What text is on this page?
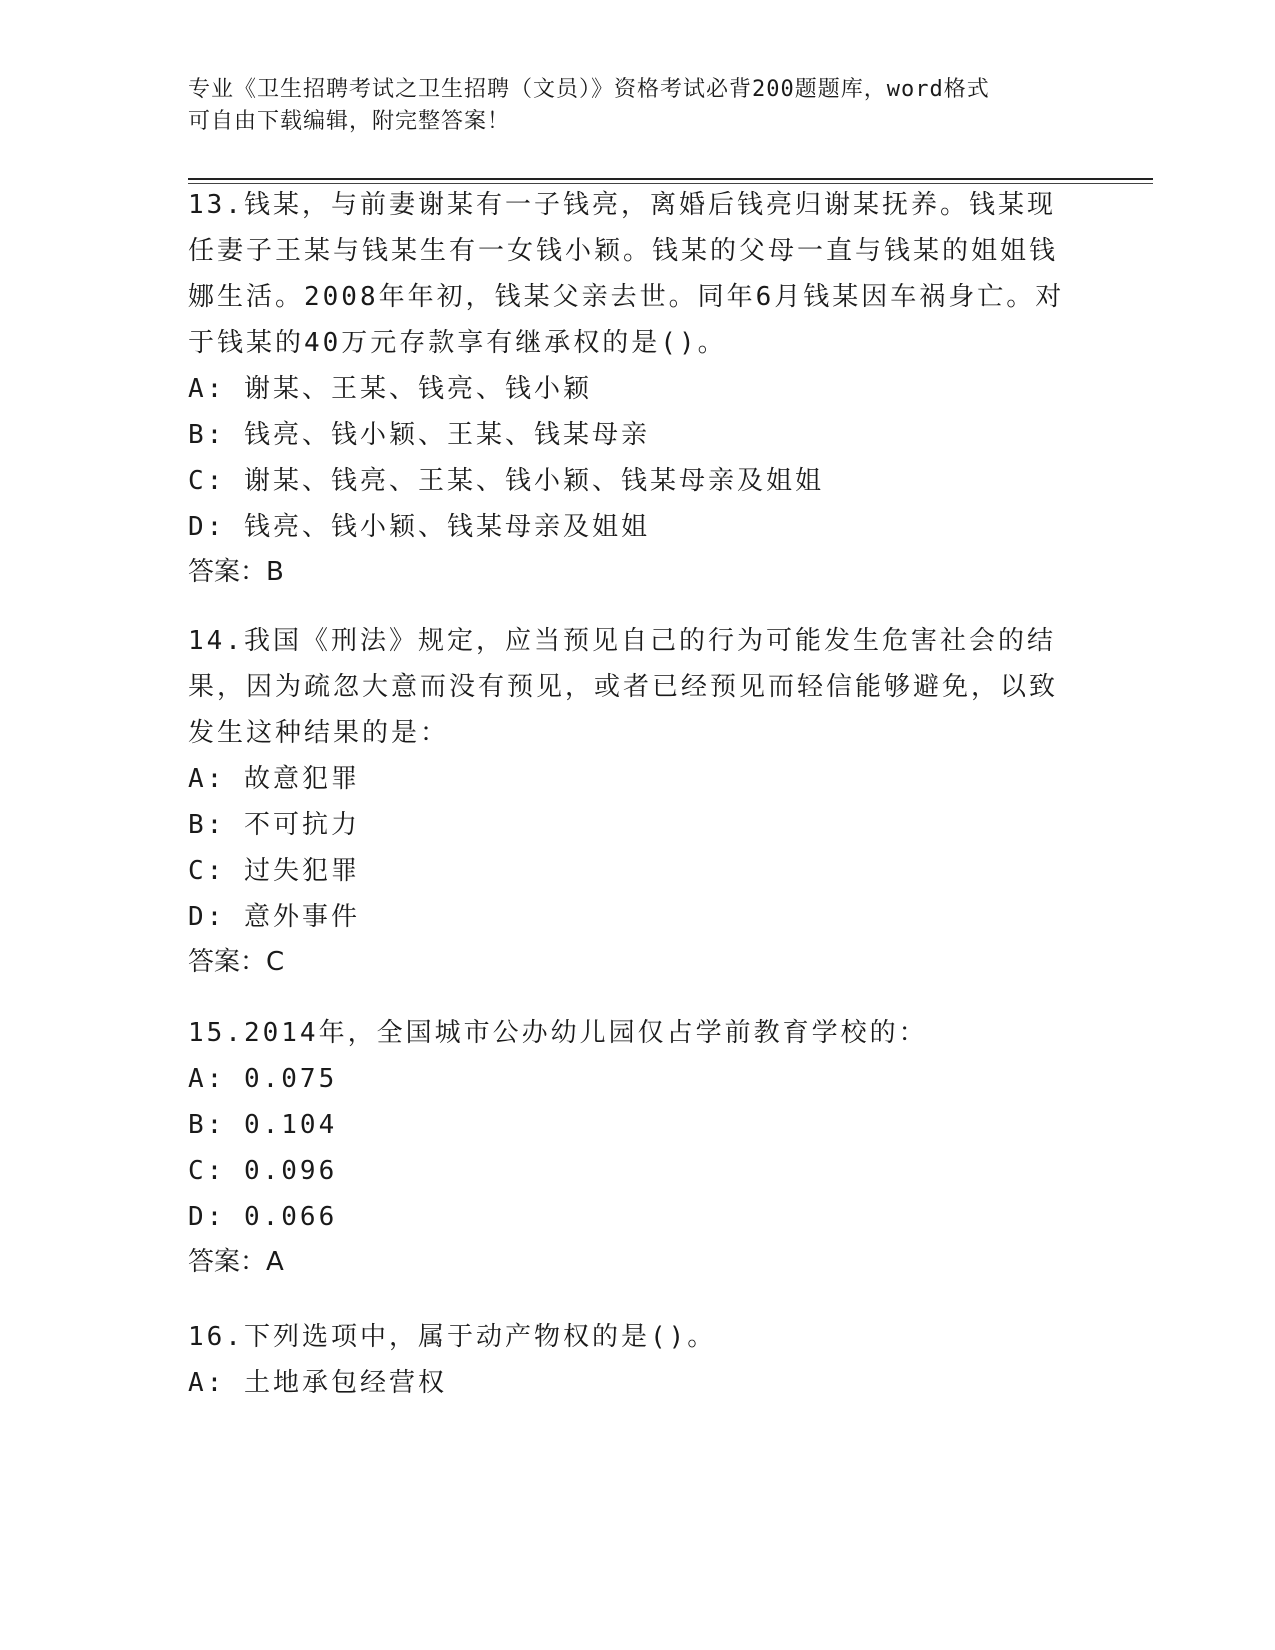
专业《卫生招聘考试之卫生招聘（文员）》资格考试必背200题题库，word格式

可自由下载编辑，附完整答案！

13.钱某，与前妻谢某有一子钱亮，离婚后钱亮归谢某抚养。钱某现任妻子王某与钱某生有一女钱小颖。钱某的父母一直与钱某的姐姐钱娜生活。2008年年初，钱某父亲去世。同年6月钱某因车祸身亡。对于钱某的40万元存款享有继承权的是()。

A: 谢某、王某、钱亮、钱小颖
B: 钱亮、钱小颖、王某、钱某母亲
C: 谢某、钱亮、王某、钱小颖、钱某母亲及姐姐
D: 钱亮、钱小颖、钱某母亲及姐姐

答案：B

14.我国《刑法》规定，应当预见自己的行为可能发生危害社会的结果，因为疏忽大意而没有预见，或者已经预见而轻信能够避免，以致发生这种结果的是：

A: 故意犯罪
B: 不可抗力
C: 过失犯罪
D: 意外事件

答案：C

15.2014年，全国城市公办幼儿园仅占学前教育学校的：

A: 0.075
B: 0.104
C: 0.096
D: 0.066

答案：A

16.下列选项中，属于动产物权的是()。

A: 土地承包经营权
